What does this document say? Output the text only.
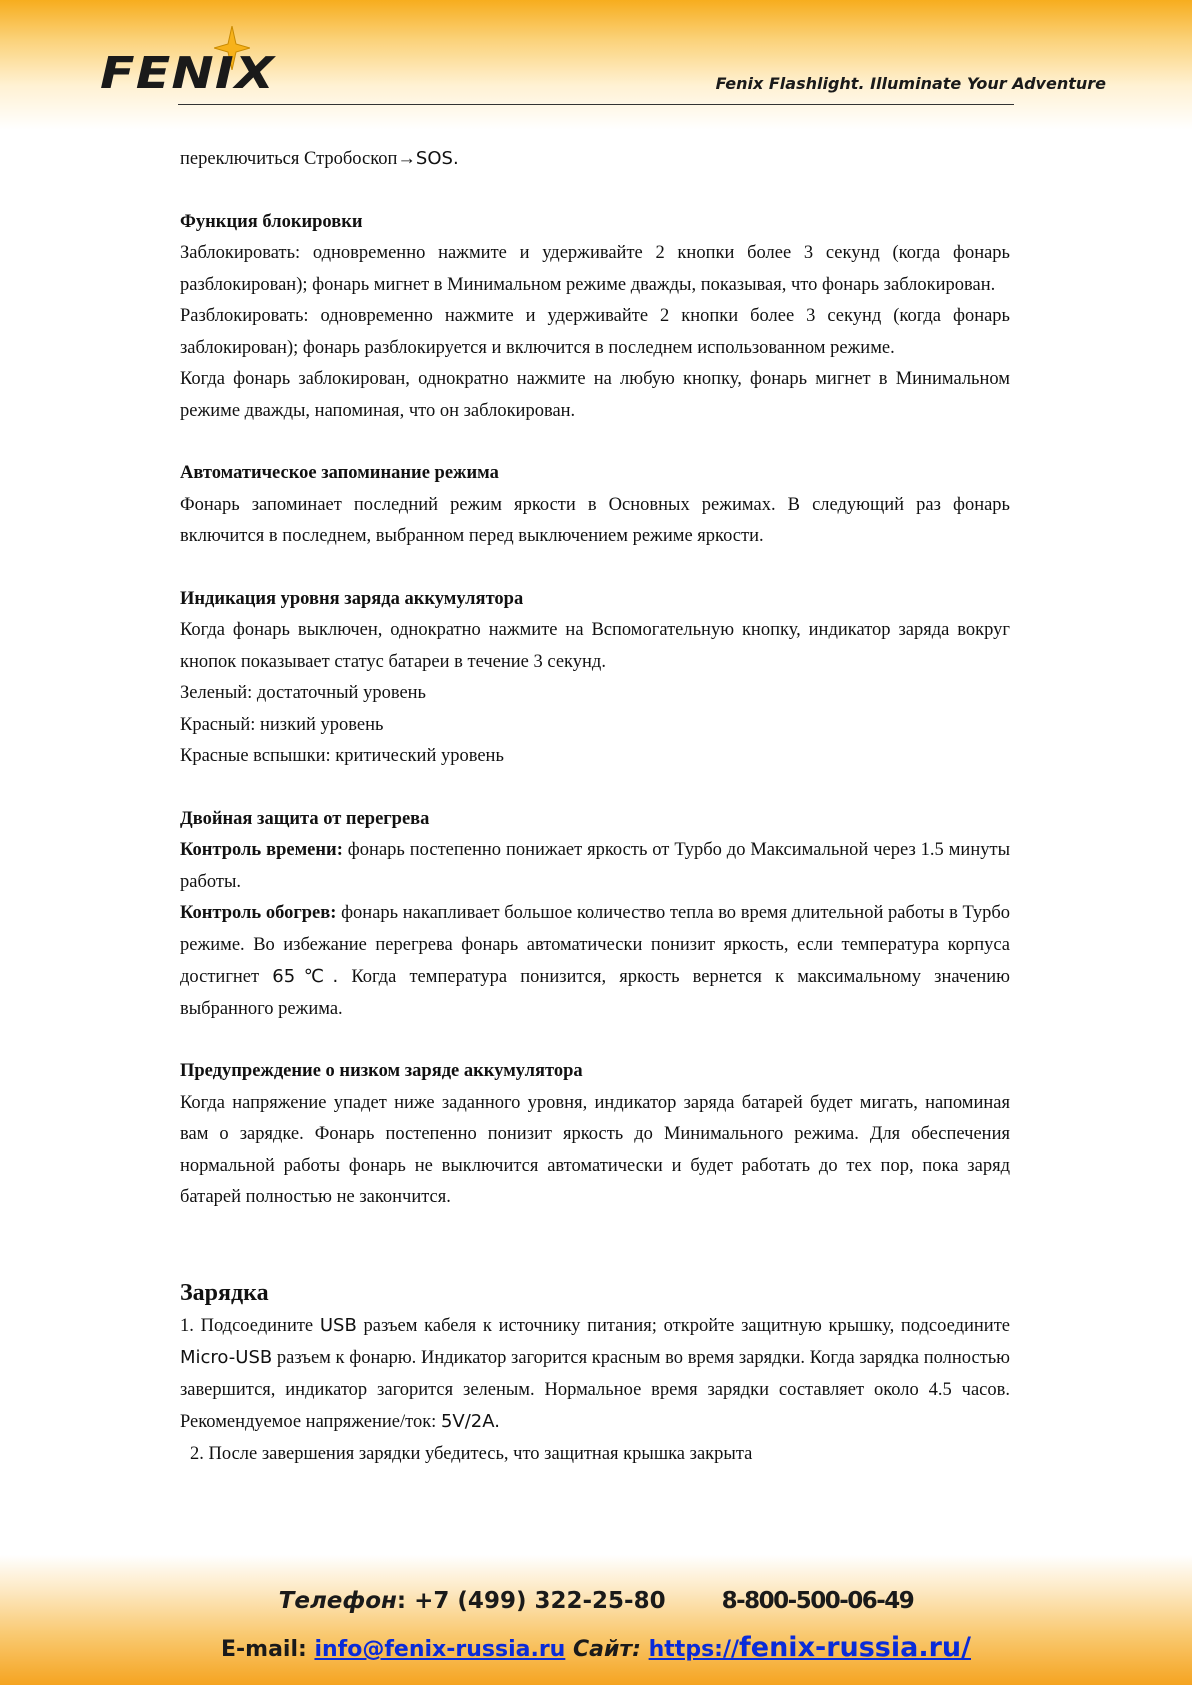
FENIX	Fenix Flashlight. Illuminate Your Adventure

переключиться Стробоскоп→SOS.

Функция блокировки

Заблокировать: одновременно нажмите и удерживайте 2 кнопки более 3 секунд (когда фонарь разблокирован); фонарь мигнет в Минимальном режиме дважды, показывая, что фонарь заблокирован.

Разблокировать: одновременно нажмите и удерживайте 2 кнопки более 3 секунд (когда фонарь заблокирован); фонарь разблокируется и включится в последнем использованном режиме.

Когда фонарь заблокирован, однократно нажмите на любую кнопку, фонарь мигнет в Минимальном режиме дважды, напоминая, что он заблокирован.

Автоматическое запоминание режима

Фонарь запоминает последний режим яркости в Основных режимах. В следующий раз фонарь включится в последнем, выбранном перед выключением режиме яркости.

Индикация уровня заряда аккумулятора

Когда фонарь выключен, однократно нажмите на Вспомогательную кнопку, индикатор заряда вокруг кнопок показывает статус батареи в течение 3 секунд.

Зеленый: достаточный уровень

Красный: низкий уровень

Красные вспышки: критический уровень

Двойная защита от перегрева

Контроль времени: фонарь постепенно понижает яркость от Турбо до Максимальной через 1.5 минуты работы.

Контроль обогрев: фонарь накапливает большое количество тепла во время длительной работы в Турбо режиме. Во избежание перегрева фонарь автоматически понизит яркость, если температура корпуса достигнет 65℃. Когда температура понизится, яркость вернется к максимальному значению выбранного режима.

Предупреждение о низком заряде аккумулятора

Когда напряжение упадет ниже заданного уровня, индикатор заряда батарей будет мигать, напоминая вам о зарядке. Фонарь постепенно понизит яркость до Минимального режима. Для обеспечения нормальной работы фонарь не выключится автоматически и будет работать до тех пор, пока заряд батарей полностью не закончится.

Зарядка

1. Подсоедините USB разъем кабеля к источнику питания; откройте защитную крышку, подсоедините Micro-USB разъем к фонарю. Индикатор загорится красным во время зарядки. Когда зарядка полностью завершится, индикатор загорится зеленым. Нормальное время зарядки составляет около 4.5 часов. Рекомендуемое напряжение/ток: 5V/2A.

2. После завершения зарядки убедитесь, что защитная крышка закрыта

Телефон: +7 (499) 322-25-80 8-800-500-06-49
E-mail: info@fenix-russia.ru Сайт: https://fenix-russia.ru/
